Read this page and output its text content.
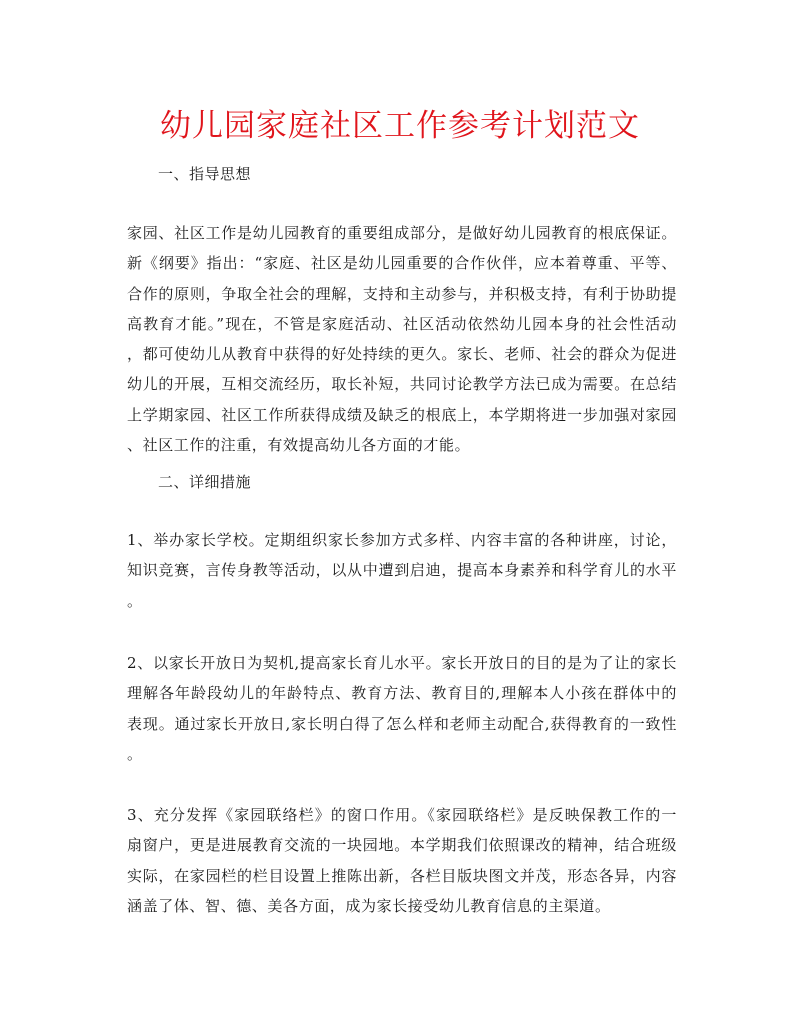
幼儿园家庭社区工作参考计划范文
一、指导思想
家园、社区工作是幼儿园教育的重要组成部分，是做好幼儿园教育的根底保证。
新《纲要》指出：“家庭、社区是幼儿园重要的合作伙伴，应本着尊重、平等、
合作的原则，争取全社会的理解，支持和主动参与，并积极支持，有利于协助提
高教育才能。”现在，不管是家庭活动、社区活动依然幼儿园本身的社会性活动
，都可使幼儿从教育中获得的好处持续的更久。家长、老师、社会的群众为促进
幼儿的开展，互相交流经历，取长补短，共同讨论教学方法已成为需要。在总结
上学期家园、社区工作所获得成绩及缺乏的根底上，本学期将进一步加强对家园
、社区工作的注重，有效提高幼儿各方面的才能。
二、详细措施
1、举办家长学校。定期组织家长参加方式多样、内容丰富的各种讲座，讨论，
知识竞赛，言传身教等活动，以从中遭到启迪，提高本身素养和科学育儿的水平
。
2、以家长开放日为契机,提高家长育儿水平。家长开放日的目的是为了让的家长
理解各年龄段幼儿的年龄特点、教育方法、教育目的,理解本人小孩在群体中的
表现。通过家长开放日,家长明白得了怎么样和老师主动配合,获得教育的一致性
。
3、充分发挥《家园联络栏》的窗口作用。《家园联络栏》是反映保教工作的一
扇窗户，更是进展教育交流的一块园地。本学期我们依照课改的精神，结合班级
实际，在家园栏的栏目设置上推陈出新，各栏目版块图文并茂，形态各异，内容
涵盖了体、智、德、美各方面，成为家长接受幼儿教育信息的主渠道。
